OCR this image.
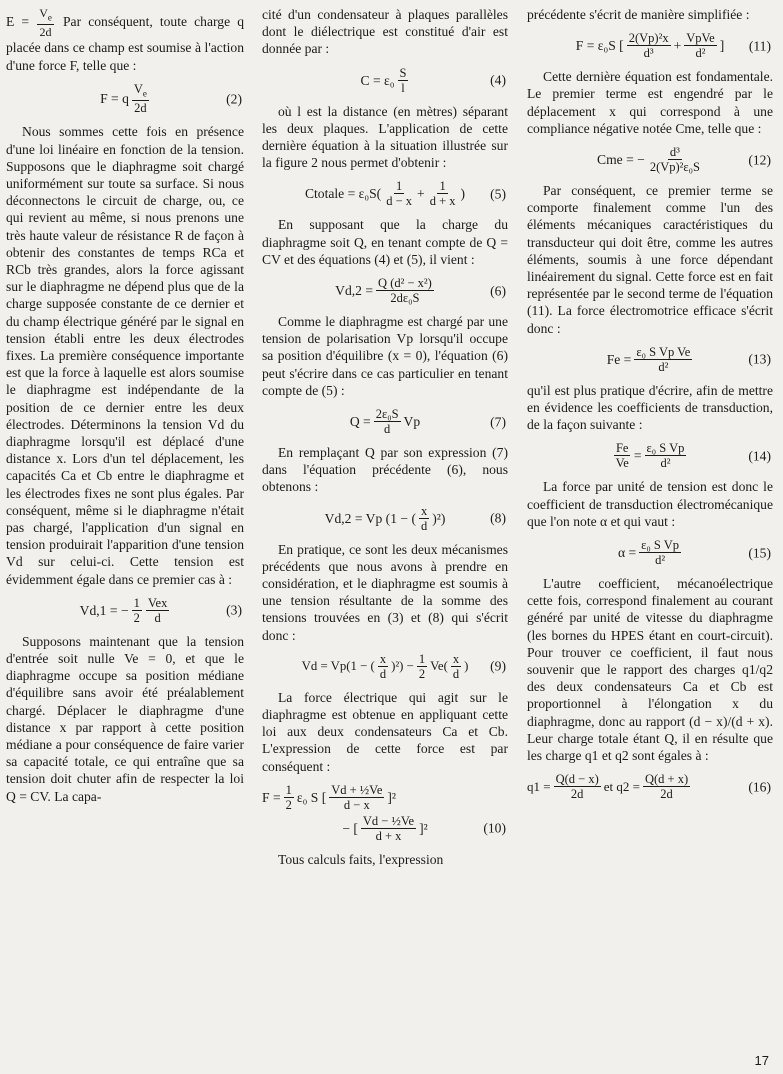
$E = \frac{V_e}{2d}$ Par conséquent, toute charge q placée dans ce champ est soumise à l'action d'une force F, telle que :

F = q
$V_e$
2d
(2)

Nous sommes cette fois en présence d'une loi linéaire en fonction de la tension. Supposons que le diaphragme soit chargé uniformément sur toute sa surface. Si nous déconnectons le circuit de charge, ou, ce qui revient au même, si nous prenons une très haute valeur de résistance R de façon à obtenir des constantes de temps RCa et RCb très grandes, alors la force agissant sur le diaphragme ne dépend plus que de la charge supposée constante de ce dernier et du champ électrique généré par le signal en tension établi entre les deux électrodes fixes. La première conséquence importante est que la force à laquelle est alors soumise le diaphragme est indépendante de la position de ce dernier entre les deux électrodes. Déterminons la tension Vd du diaphragme lorsqu'il est déplacé d'une distance x. Lors d'un tel déplacement, les capacités Ca et Cb entre le diaphragme et les électrodes fixes ne sont plus égales. Par conséquent, même si le diaphragme n'était pas chargé, l'application d'un signal en tension produirait l'apparition d'une tension Vd sur celui-ci. Cette tension est évidemment égale dans ce premier cas à :

Vd,1 = − $\frac{1}{2}$ Vex
d
(3)

Supposons maintenant que la tension d'entrée soit nulle Ve = 0, et que le diaphragme occupe sa position médiane d'équilibre sans avoir été préalablement chargé. Déplacer le diaphragme d'une distance x par rapport à cette position médiane a pour conséquence de faire varier sa capacité totale, ce qui entraîne que sa tension doit chuter afin de respecter la loi Q = CV. La capa-

cité d'un condensateur à plaques parallèles dont le diélectrique est constitué d'air est donnée par :

C = ε₀ S
l
(4)

où l est la distance (en mètres) séparant les deux plaques. L'application de cette dernière équation à la situation illustrée sur la figure 2 nous permet d'obtenir :

Ctotale = ε₀S( 1
d − x
+ $\frac{1}{d + x}$ ) (5)

En supposant que la charge du diaphragme soit Q, en tenant compte de Q = CV et des équations (4) et (5), il vient :

$Vd,2 = \frac{\text{Q (d² − x²)}}{\text{2dε₀S}}$	(6)

Comme le diaphragme est chargé par une tension de polarisation Vp lorsqu'il occupe sa position d'équilibre (x = 0), l'équation (6) peut s'écrire dans ce cas particulier en tenant compte de (5) :

$Q = \frac{\text{2ε₀S}}{d}$ Vp	(7)

En remplaçant Q par son expression (7) dans l'équation précédente (6), nous obtenons :

Vd,2 = Vp (1 − ( x
d
)²)	(8)

En pratique, ce sont les deux mécanismes précédents que nous avons à prendre en considération, et le diaphragme est soumis à une tension résultante de la somme des tensions trouvées en (3) et (8) qui s'écrit donc :

Vd = Vp(1 − ( x
d
)$^2) - \frac{1}{2} Ve$( x
d
) (9)

La force électrique qui agit sur le diaphragme est obtenue en appliquant cette loi aux deux condensateurs Ca et Cb. L'expression de cette force est par conséquent :

$F = \frac{1}{2} \varepsilon_0$ S [ Vd + ½Ve
d − x
]²
− [ Vd − ½Ve
d + x
]²	(10)

Tous calculs faits, l'expression

précédente s'écrit de manière simplifiée :

F = ε₀S [ 2(Vp)²x
d³
+ VpVe
d²
] (11)

Cette dernière équation est fondamentale. Le premier terme est engendré par le déplacement x qui correspond à une compliance négative notée Cme, telle que :

Cme = − $\frac{\text{d³}}{\text{2(Vp)²ε₀S}}$	(12)

Par conséquent, ce premier terme se comporte finalement comme l'un des éléments mécaniques caractéristiques du transducteur qui doit être, comme les autres éléments, soumis à une force dépendant linéairement du signal. Cette force est en fait représentée par le second terme de l'équation (11). La force électromotrice efficace s'écrit donc :

$Fe = \frac{\text{ε₀ S Vp Ve}}{\text{d²}}$	(13)

qu'il est plus pratique d'écrire, afin de mettre en évidence les coefficients de transduction, de la façon suivante :

$\frac{Fe}{Ve} = \frac{\text{ε₀ S Vp}}{\text{d²}}$	(14)

La force par unité de tension est donc le coefficient de transduction électromécanique que l'on note α et qui vaut :

$\alpha = \frac{\text{ε₀ S Vp}}{\text{d²}}$	(15)

L'autre coefficient, mécanoélectrique cette fois, correspond finalement au courant généré par unité de vitesse du diaphragme (les bornes du HPES étant en court-circuit). Pour trouver ce coefficient, il faut nous souvenir que le rapport des charges q1/q2 des deux condensateurs Ca et Cb est proportionnel à l'élongation x du diaphragme, donc au rapport (d − x)/(d + x). Leur charge totale étant Q, il en résulte que les charge q1 et q2 sont égales à :

$q1 = \frac{Q(d - x)}{2d}$ et $q2 = \frac{Q(d + x)}{2d}$	(16)
17
